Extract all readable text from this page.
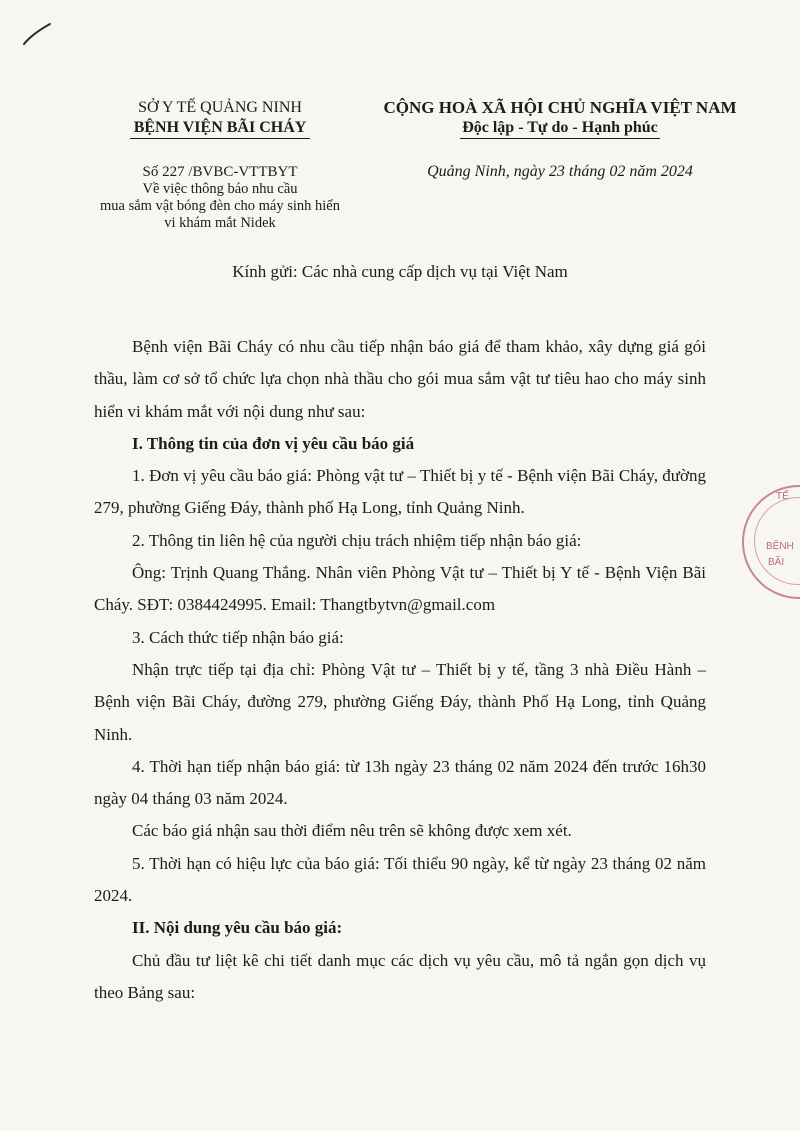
SỞ Y TẾ QUẢNG NINH
BỆNH VIỆN BÃI CHÁY
CỘNG HOÀ XÃ HỘI CHỦ NGHĨA VIỆT NAM
Độc lập - Tự do - Hạnh phúc
Số 227 /BVBC-VTTBYT
Về việc thông báo nhu cầu
mua sắm vật bóng đèn cho máy sinh hiển
vi khám mắt Nidek
Quảng Ninh, ngày 23 tháng 02 năm 2024
Kính gửi: Các nhà cung cấp dịch vụ tại Việt Nam

Bệnh viện Bãi Cháy có nhu cầu tiếp nhận báo giá để tham khảo, xây dựng giá gói thầu, làm cơ sở tổ chức lựa chọn nhà thầu cho gói mua sắm vật tư tiêu hao cho máy sinh hiển vi khám mắt với nội dung như sau:

I. Thông tin của đơn vị yêu cầu báo giá

1. Đơn vị yêu cầu báo giá: Phòng vật tư – Thiết bị y tế - Bệnh viện Bãi Cháy, đường 279, phường Giếng Đáy, thành phố Hạ Long, tỉnh Quảng Ninh.

2. Thông tin liên hệ của người chịu trách nhiệm tiếp nhận báo giá:

Ông: Trịnh Quang Thắng. Nhân viên Phòng Vật tư – Thiết bị Y tế - Bệnh Viện Bãi Cháy. SĐT: 0384424995. Email: Thangtbytvn@gmail.com

3. Cách thức tiếp nhận báo giá:

Nhận trực tiếp tại địa chỉ: Phòng Vật tư – Thiết bị y tế, tầng 3 nhà Điều Hành – Bệnh viện Bãi Cháy, đường 279, phường Giếng Đáy, thành Phố Hạ Long, tỉnh Quảng Ninh.

4. Thời hạn tiếp nhận báo giá: từ 13h ngày 23 tháng 02 năm 2024 đến trước 16h30 ngày 04 tháng 03 năm 2024.

Các báo giá nhận sau thời điểm nêu trên sẽ không được xem xét.

5. Thời hạn có hiệu lực của báo giá: Tối thiểu 90 ngày, kể từ ngày 23 tháng 02 năm 2024.

II. Nội dung yêu cầu báo giá:

Chủ đầu tư liệt kê chi tiết danh mục các dịch vụ yêu cầu, mô tả ngắn gọn dịch vụ theo Bảng sau:

TẾ
BỆNH
BÃI
